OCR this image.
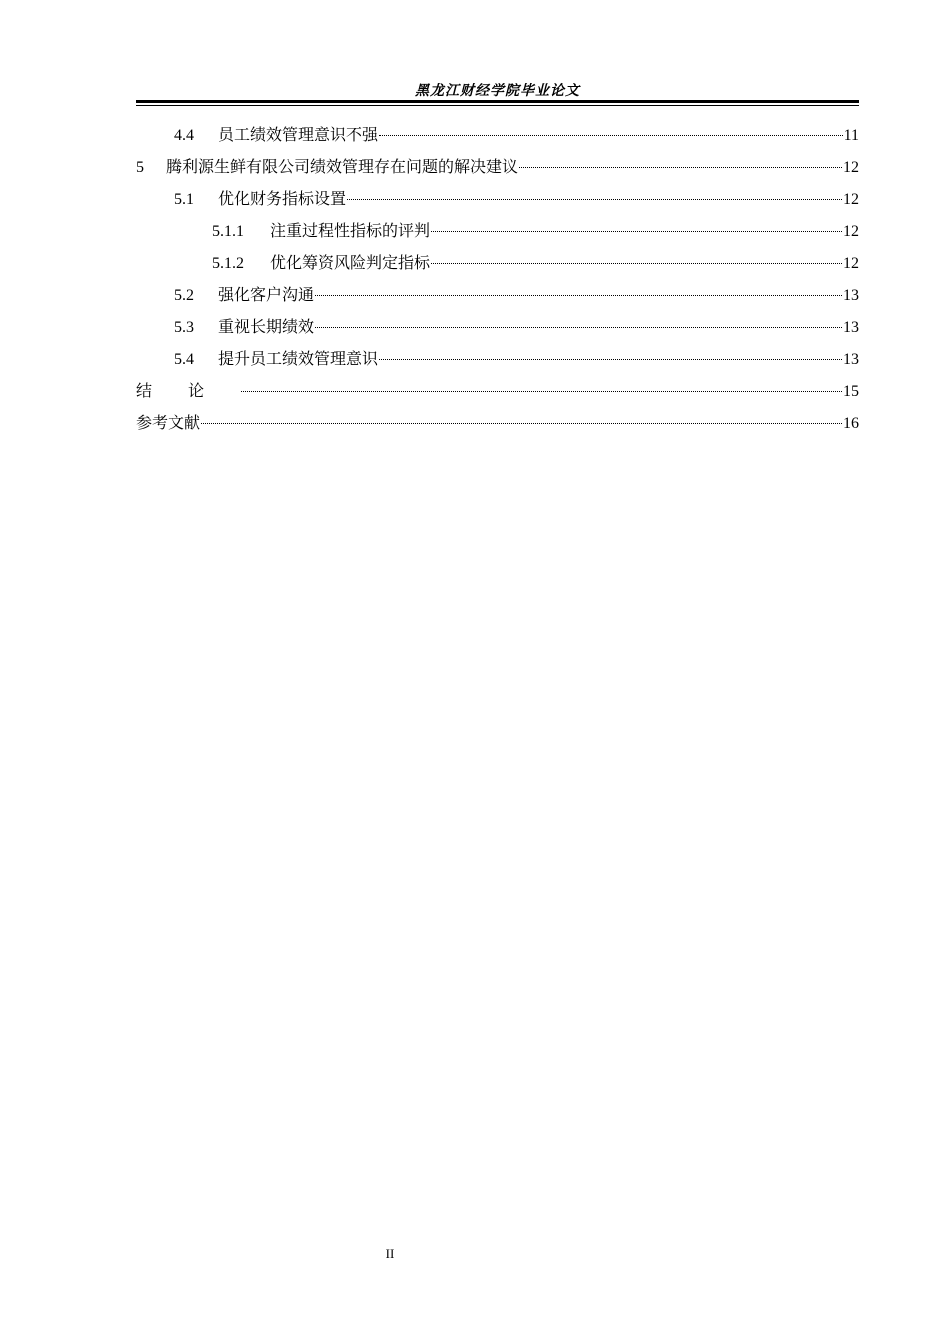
黑龙江财经学院毕业论文
4.4	员工绩效管理意识不强	11
5	腾利源生鲜有限公司绩效管理存在问题的解决建议	12
5.1	优化财务指标设置	12
5.1.1	注重过程性指标的评判	12
5.1.2	优化筹资风险判定指标	12
5.2	强化客户沟通	13
5.3	重视长期绩效	13
5.4	提升员工绩效管理意识	13
结论	15
参考文献	16
II
